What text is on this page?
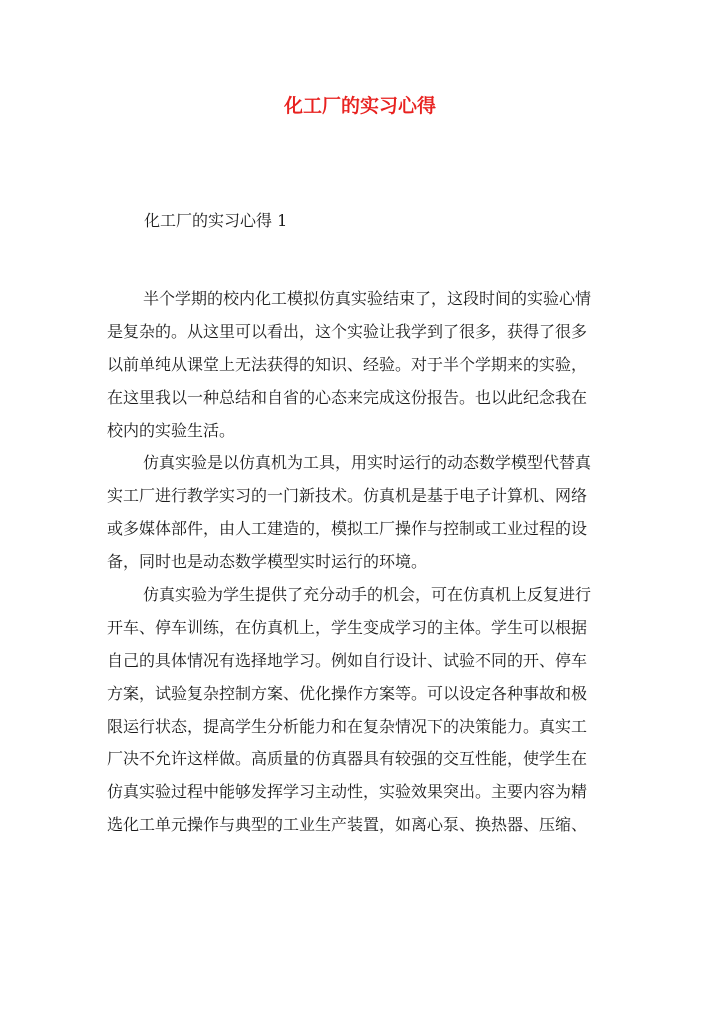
化工厂的实习心得
化工厂的实习心得 1
半个学期的校内化工模拟仿真实验结束了，这段时间的实验心情
是复杂的。从这里可以看出，这个实验让我学到了很多，获得了很多
以前单纯从课堂上无法获得的知识、经验。对于半个学期来的实验，
在这里我以一种总结和自省的心态来完成这份报告。也以此纪念我在
校内的实验生活。
仿真实验是以仿真机为工具，用实时运行的动态数学模型代替真
实工厂进行教学实习的一门新技术。仿真机是基于电子计算机、网络
或多媒体部件，由人工建造的，模拟工厂操作与控制或工业过程的设
备，同时也是动态数学模型实时运行的环境。
仿真实验为学生提供了充分动手的机会，可在仿真机上反复进行
开车、停车训练，在仿真机上，学生变成学习的主体。学生可以根据
自己的具体情况有选择地学习。例如自行设计、试验不同的开、停车
方案，试验复杂控制方案、优化操作方案等。可以设定各种事故和极
限运行状态，提高学生分析能力和在复杂情况下的决策能力。真实工
厂决不允许这样做。高质量的仿真器具有较强的交互性能，使学生在
仿真实验过程中能够发挥学习主动性，实验效果突出。主要内容为精
选化工单元操作与典型的工业生产装置，如离心泵、换热器、压缩、
